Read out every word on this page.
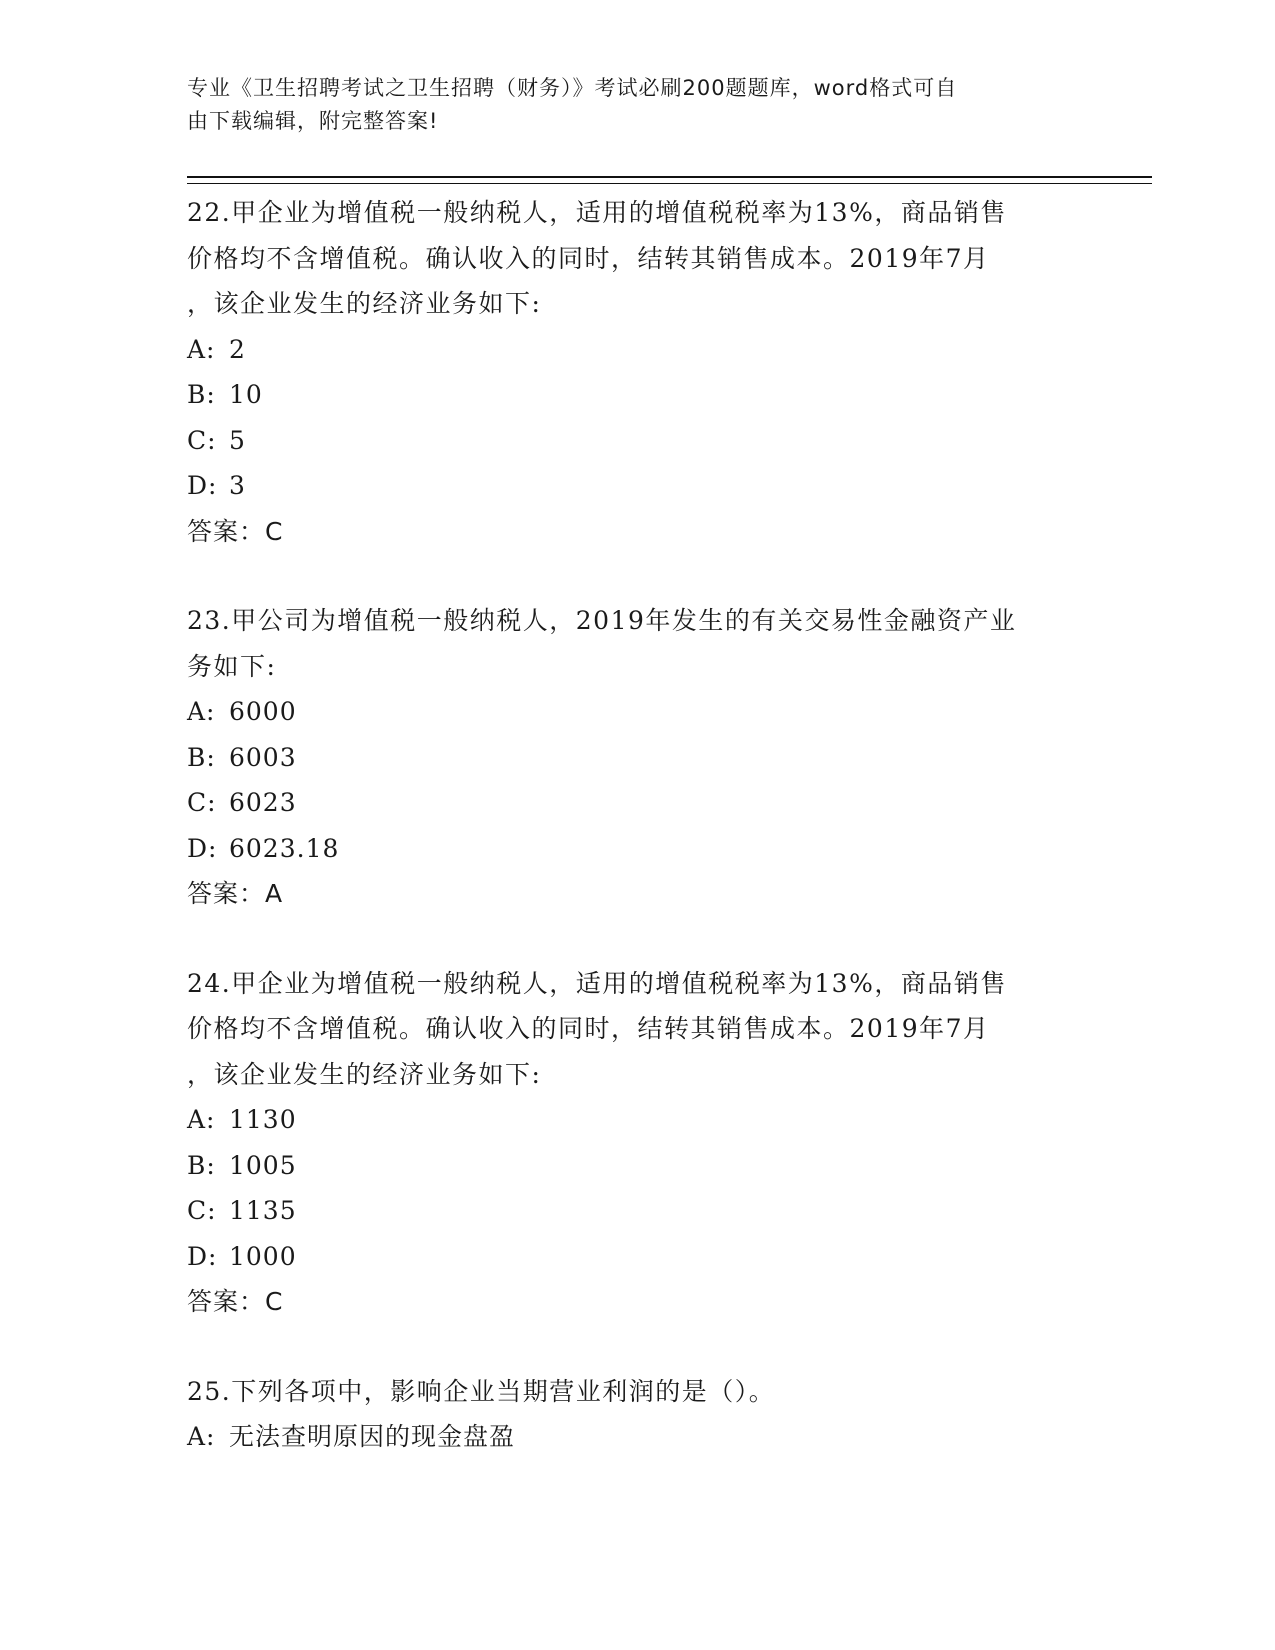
专业《卫生招聘考试之卫生招聘（财务）》考试必刷200题题库，word格式可自
由下载编辑，附完整答案!
22.甲企业为增值税一般纳税人，适用的增值税税率为13%，商品销售
价格均不含增值税。确认收入的同时，结转其销售成本。2019年7月
，该企业发生的经济业务如下:
A: 2
B: 10
C: 5
D: 3
答案：C
23.甲公司为增值税一般纳税人，2019年发生的有关交易性金融资产业
务如下:
A: 6000
B: 6003
C: 6023
D: 6023.18
答案：A
24.甲企业为增值税一般纳税人，适用的增值税税率为13%，商品销售
价格均不含增值税。确认收入的同时，结转其销售成本。2019年7月
，该企业发生的经济业务如下:
A: 1130
B: 1005
C: 1135
D: 1000
答案：C
25.下列各项中，影响企业当期营业利润的是（）。
A: 无法查明原因的现金盘盈
